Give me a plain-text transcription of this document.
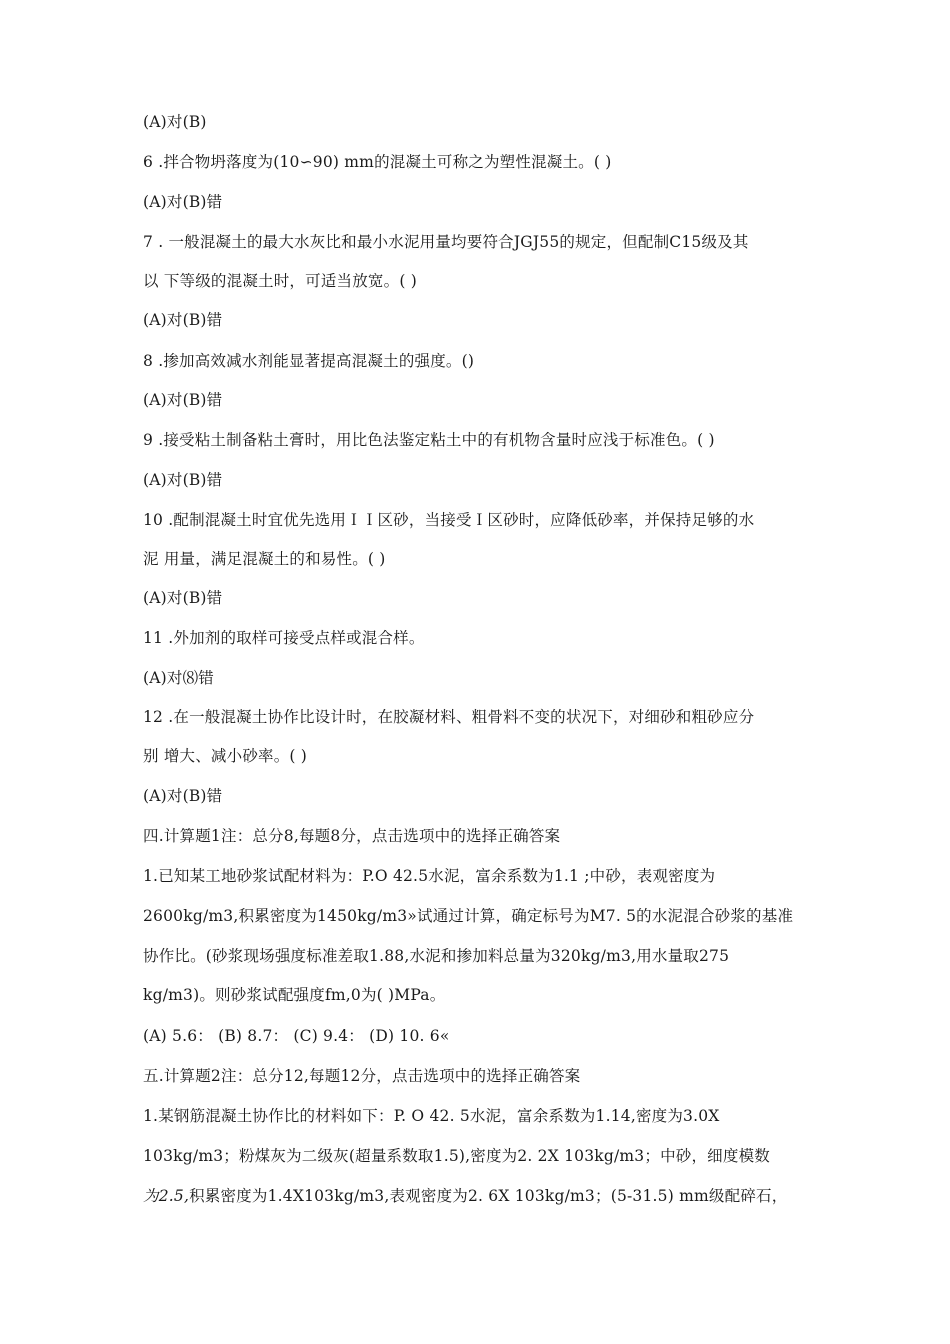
(A)对(B)
6 .拌合物坍落度为(10∽90) mm的混凝土可称之为塑性混凝土。( )
(A)对(B)错
7 . 一般混凝土的最大水灰比和最小水泥用量均要符合JGJ55的规定，但配制C15级及其
以 下等级的混凝土时，可适当放宽。( )
(A)对(B)错
8 .掺加高效减水剂能显著提高混凝土的强度。()
(A)对(B)错
9 .接受粘土制备粘土膏时，用比色法鉴定粘土中的有机物含量时应浅于标准色。( )
(A)对(B)错
10 .配制混凝土时宜优先选用ＩＩ区砂，当接受Ｉ区砂时，应降低砂率，并保持足够的水
泥 用量，满足混凝土的和易性。( )
(A)对(B)错
11 .外加剂的取样可接受点样或混合样。
(A)对⑻错
12 .在一般混凝土协作比设计时，在胶凝材料、粗骨料不变的状况下，对细砂和粗砂应分
别 增大、减小砂率。( )
(A)对(B)错
四.计算题1注：总分8,每题8分，点击选项中的选择正确答案
1.已知某工地砂浆试配材料为：P.O 42.5水泥，富余系数为1.1 ;中砂，表观密度为
2600kg/m3,积累密度为1450kg/m3»试通过计算，确定标号为M7. 5的水泥混合砂浆的基准
协作比。(砂浆现场强度标准差取1.88,水泥和掺加料总量为320kg/m3,用水量取275
kg/m3)。则砂浆试配强度fm,0为( )MPa。
(A) 5.6： (B) 8.7： (C) 9.4： (D) 10. 6«
五.计算题2注：总分12,每题12分，点击选项中的选择正确答案
1.某钢筋混凝土协作比的材料如下：P. O 42. 5水泥，富余系数为1.14,密度为3.0X
103kg/m3；粉煤灰为二级灰(超量系数取1.5),密度为2. 2X 103kg/m3；中砂，细度模数
为2.5,积累密度为1.4X103kg/m3,表观密度为2. 6X 103kg/m3；(5-31.5) mm级配碎石，
